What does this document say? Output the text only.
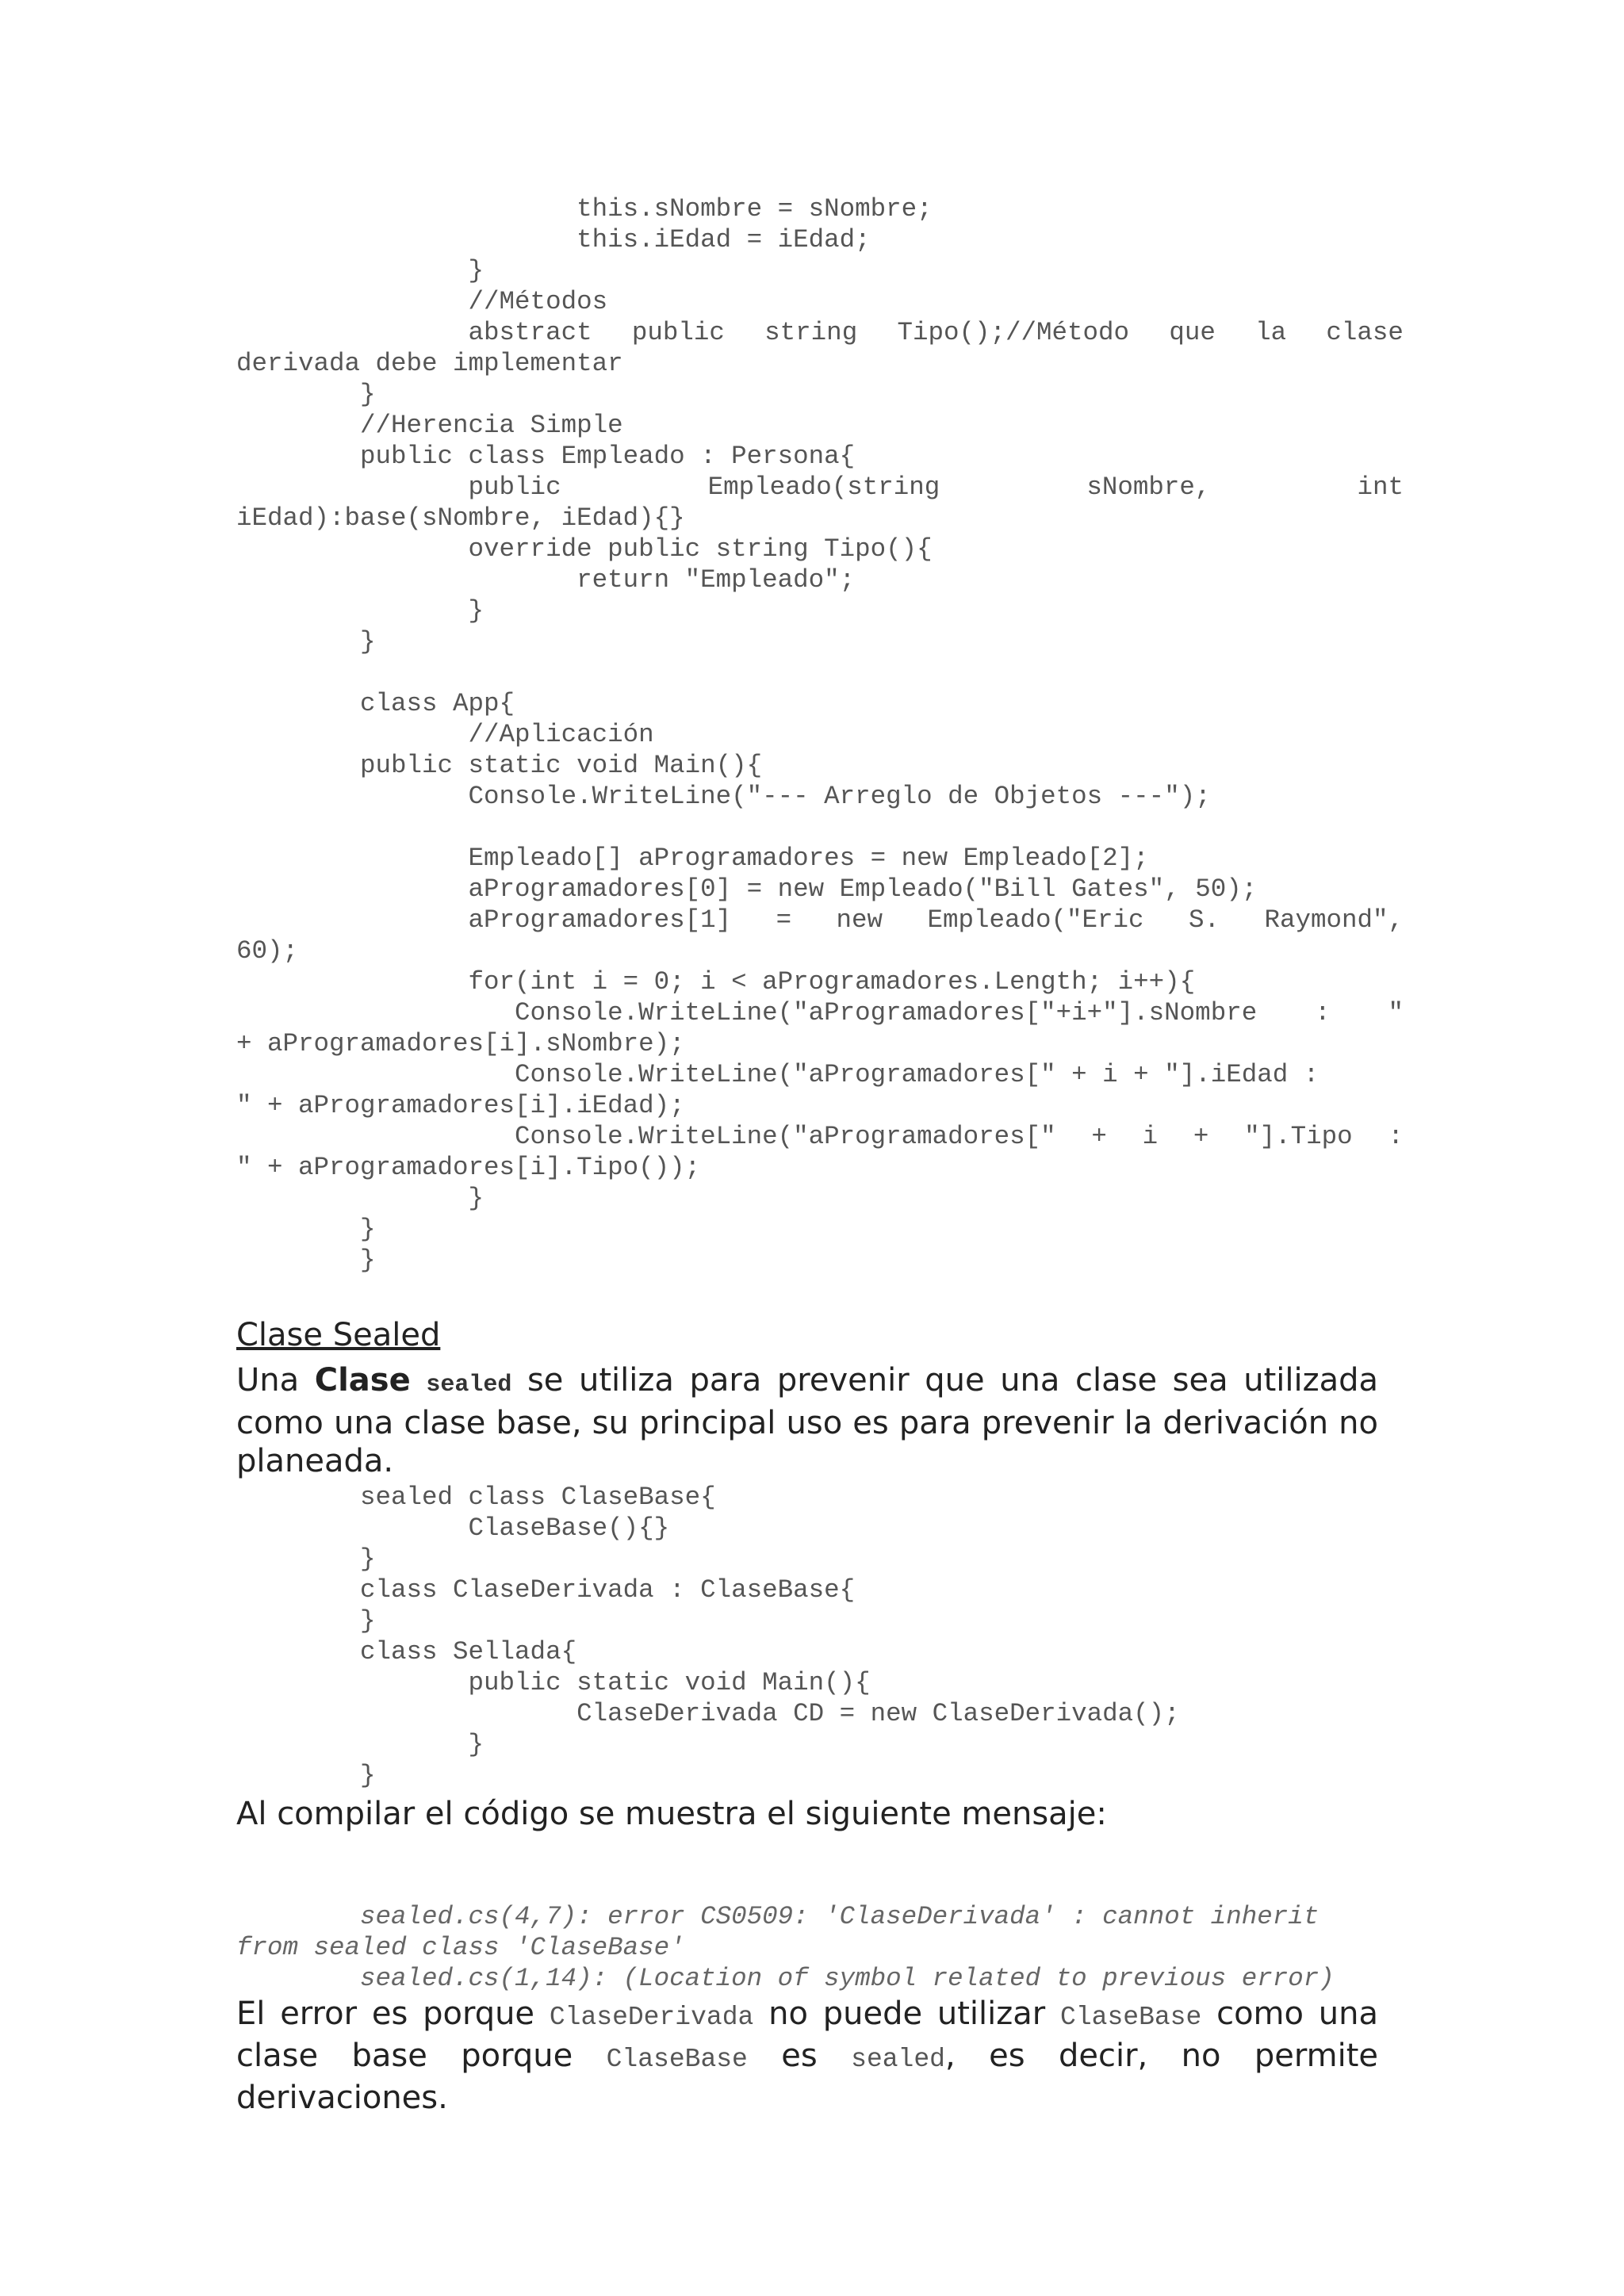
this.sNombre = sNombre;
this.iEdad = iEdad;
}
//Métodos
abstract public string Tipo();//Método que la clase
derivada debe implementar
}
//Herencia Simple
public class Empleado : Persona{
public	Empleado(string	sNombre,	int
iEdad):base(sNombre, iEdad){}
override public string Tipo(){
return "Empleado";
}
}

class App{
//Aplicación
public static void Main(){
Console.WriteLine("--- Arreglo de Objetos ---");

Empleado[] aProgramadores = new Empleado[2];
aProgramadores[0] = new Empleado("Bill Gates", 50);
aProgramadores[1] = new Empleado("Eric S. Raymond",
60);
for(int i = 0; i < aProgramadores.Length; i++){
Console.WriteLine("aProgramadores["+i+"].sNombre : "
+ aProgramadores[i].sNombre);
Console.WriteLine("aProgramadores[" + i + "].iEdad :
" + aProgramadores[i].iEdad);
Console.WriteLine("aProgramadores[" + i + "].Tipo :
" + aProgramadores[i].Tipo());
}
}
}
Clase Sealed
Una Clase sealed se utiliza para prevenir que una clase sea utilizada como una clase base, su principal uso es para prevenir la derivación no planeada.
sealed class ClaseBase{
ClaseBase(){}
}
class ClaseDerivada : ClaseBase{
}
class Sellada{
public static void Main(){
ClaseDerivada CD = new ClaseDerivada();
}
}
Al compilar el código se muestra el siguiente mensaje:
sealed.cs(4,7): error CS0509: 'ClaseDerivada' : cannot inherit
from sealed class 'ClaseBase'
sealed.cs(1,14): (Location of symbol related to previous error)
El error es porque ClaseDerivada no puede utilizar ClaseBase como una clase base porque ClaseBase es sealed, es decir, no permite derivaciones.
